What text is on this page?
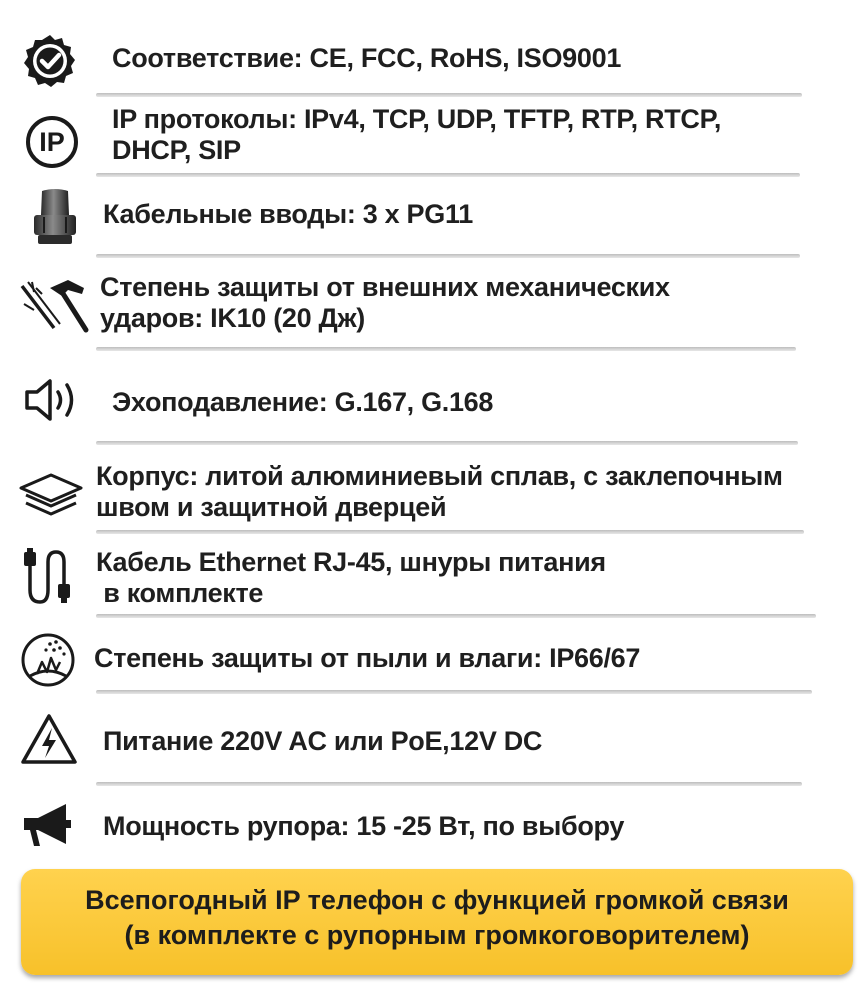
Соответствие: CE, FCC, RoHS, ISO9001
IP
IP протоколы: IPv4, TCP, UDP, TFTP, RTP, RTCP,
DHCP, SIP
Кабельные вводы: 3 x PG11
Степень защиты от внешних механических
ударов: IK10 (20 Дж)
Эхоподавление: G.167, G.168
Корпус: литой алюминиевый сплав, с заклепочным
швом и защитной дверцей
Кабель Ethernet RJ-45, шнуры питания
в комплекте
Степень защиты от пыли и влаги: IP66/67
Питание 220V AC или PoE,12V DC
Мощность рупора: 15 -25 Вт, по выбору
Всепогодный IP телефон с функцией громкой связи
(в комплекте с рупорным громкоговорителем)
